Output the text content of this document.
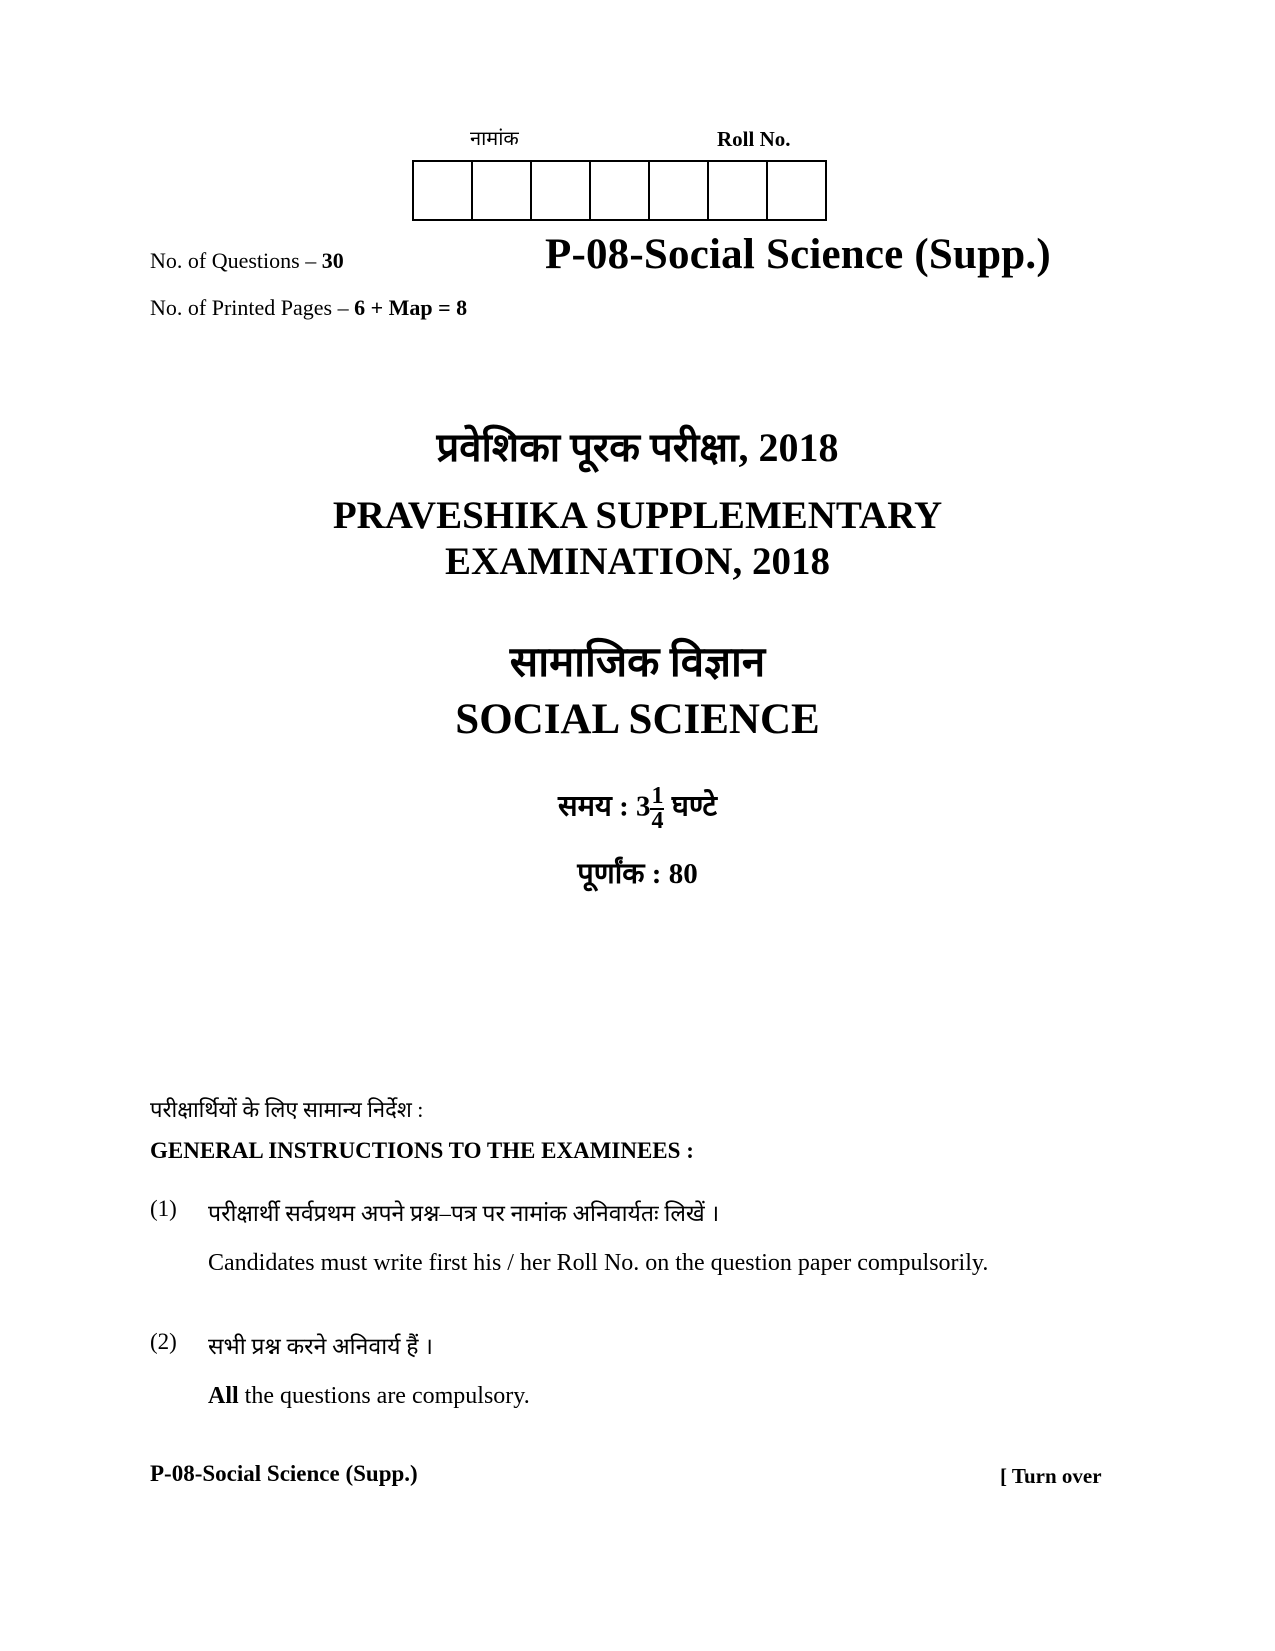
नामांक	Roll No.
No. of Questions – 30
No. of Printed Pages – 6 + Map = 8
P-08-Social Science (Supp.)
प्रवेशिका पूरक परीक्षा, 2018
PRAVESHIKA SUPPLEMENTARY
EXAMINATION, 2018
सामाजिक विज्ञान
SOCIAL SCIENCE
समय : $3 \frac{1}{4}$ घण्टे
पूर्णांक : 80
परीक्षार्थियों के लिए सामान्य निर्देश :
GENERAL INSTRUCTIONS TO THE EXAMINEES :
(1) परीक्षार्थी सर्वप्रथम अपने प्रश्न–पत्र पर नामांक अनिवार्यतः लिखें ।
Candidates must write first his / her Roll No. on the question paper compulsorily.
(2) सभी प्रश्न करने अनिवार्य हैं ।
All the questions are compulsory.
P-08-Social Science (Supp.)	[ Turn over
